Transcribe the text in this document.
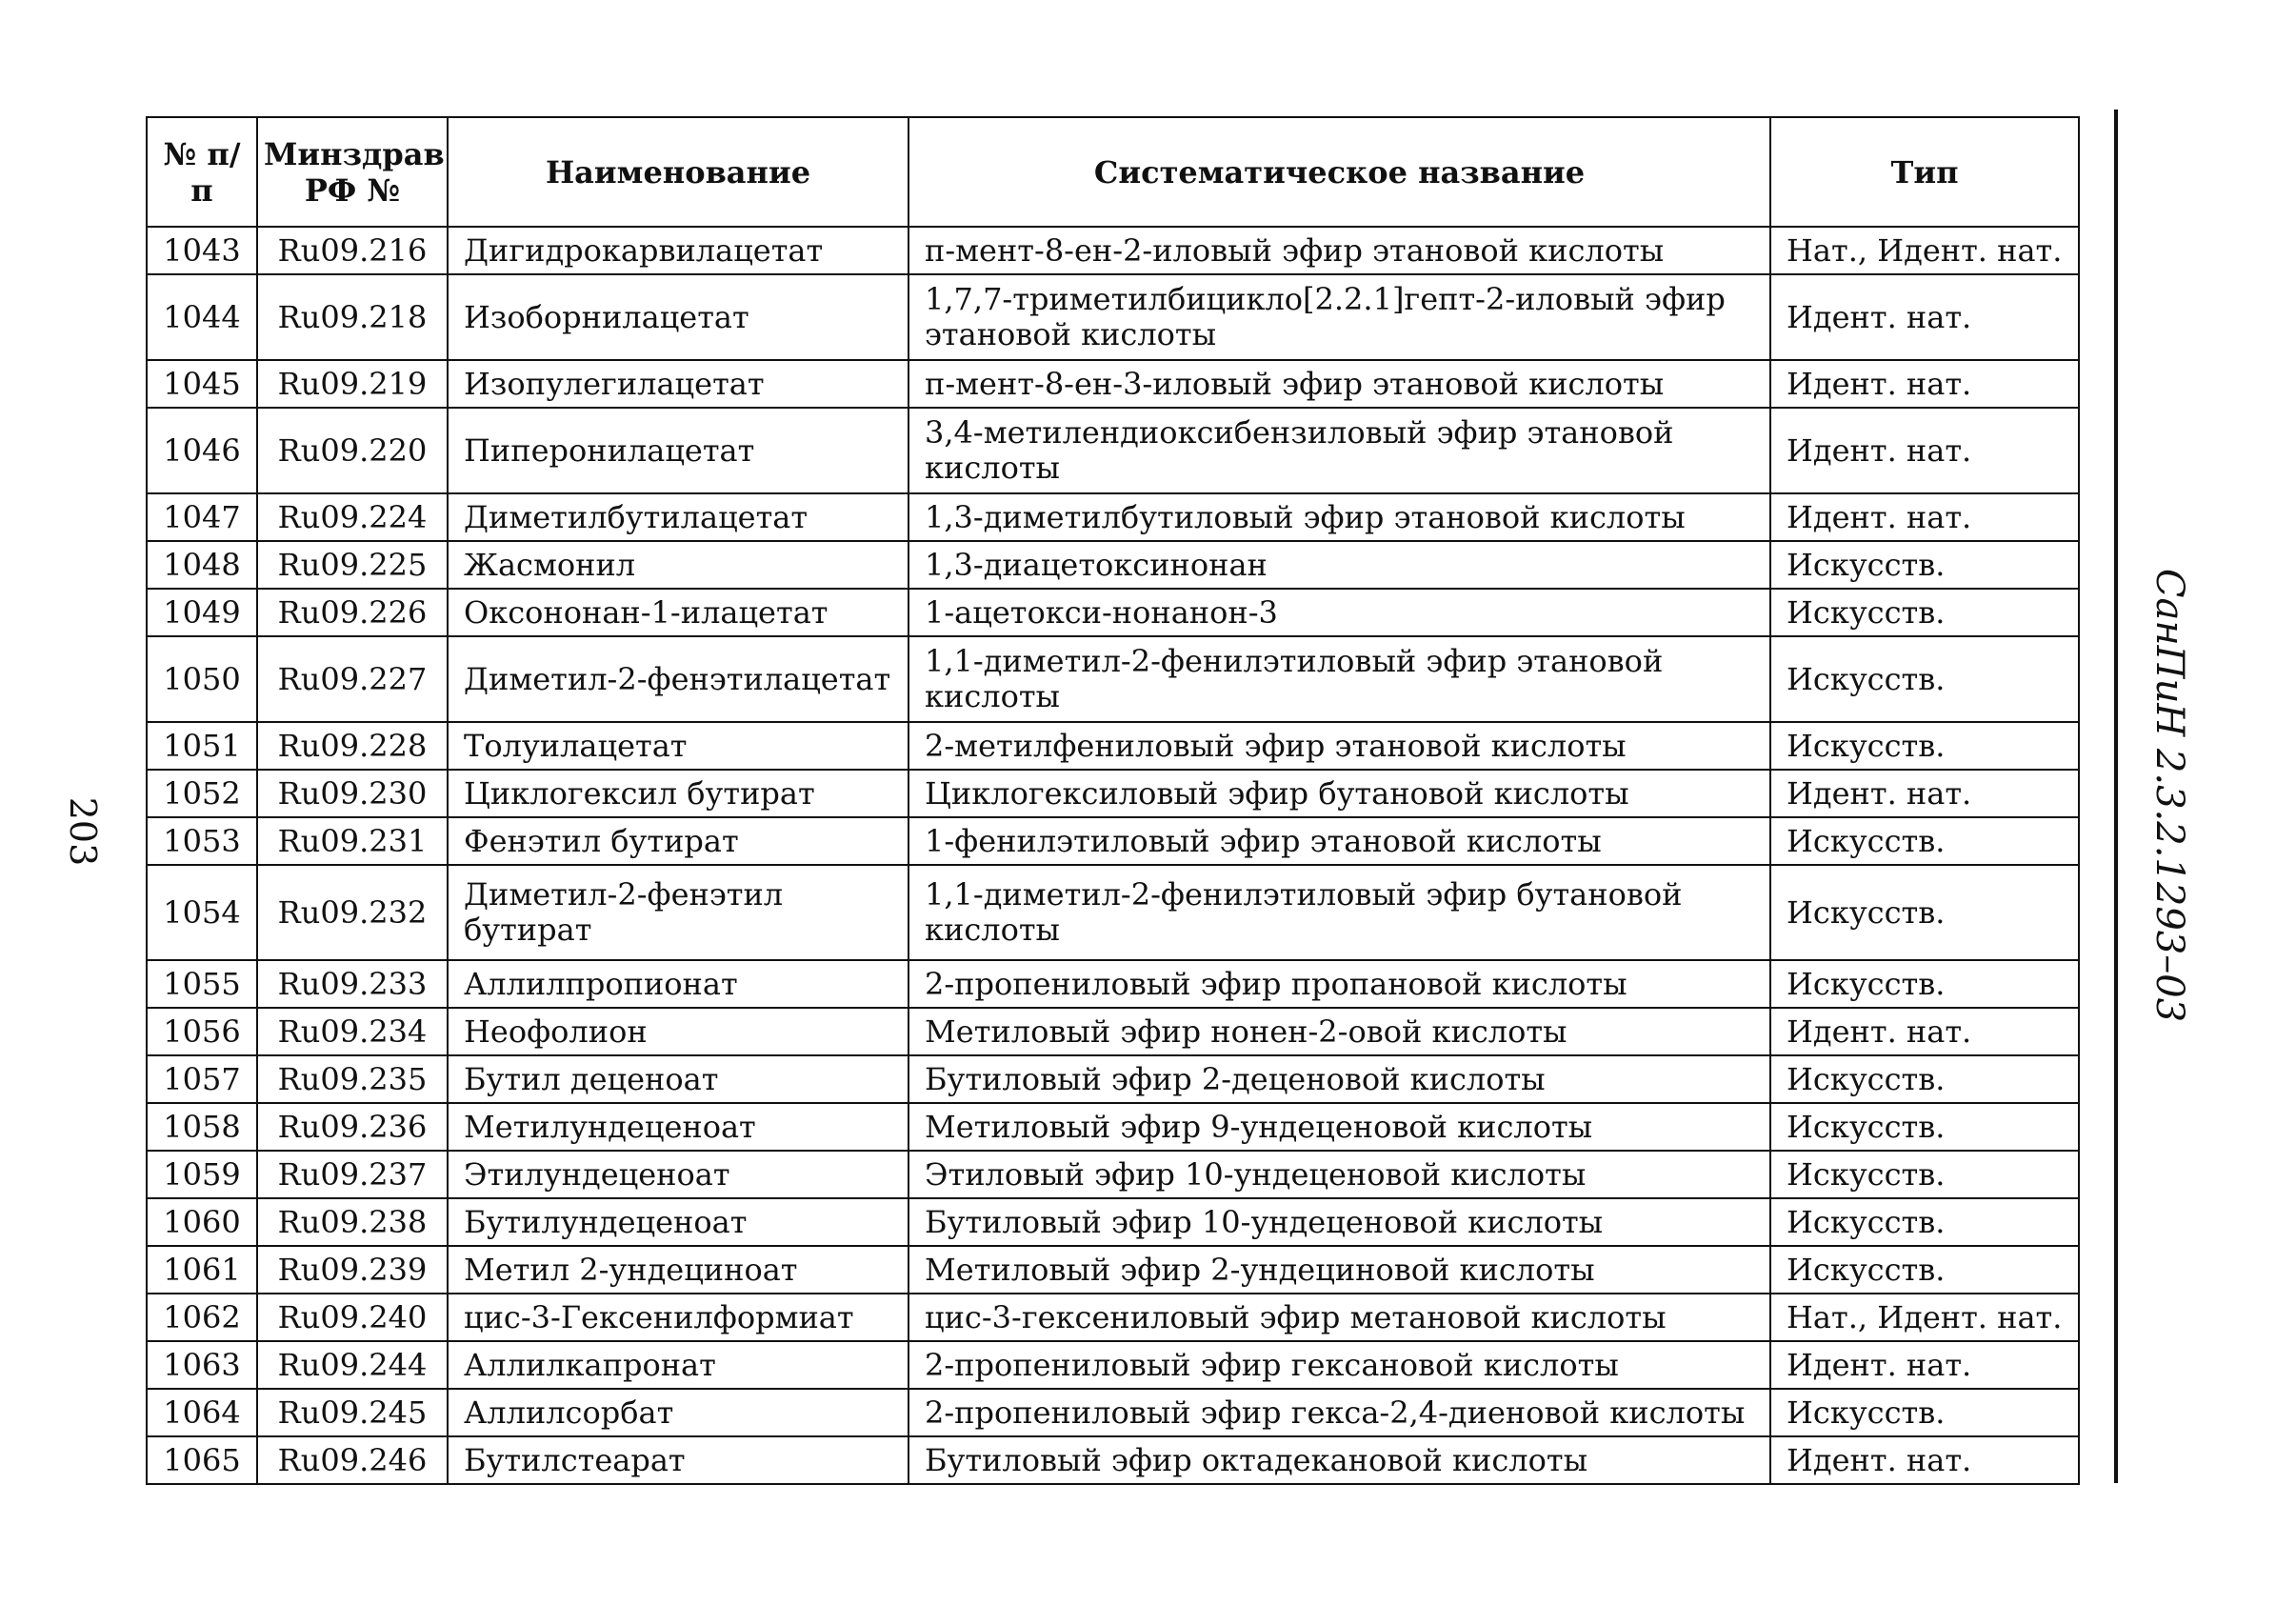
203	СанПиН 2.3.2.1293–03
№ п/п	Минздрав РФ №	Наименование	Систематическое название	Тип
1043	Ru09.216	Дигидрокарвилацетат	п-мент-8-ен-2-иловый эфир этановой кислоты	Нат., Идент. нат.
1044	Ru09.218	Изоборнилацетат	1,7,7-триметилбицикло[2.2.1]гепт-2-иловый эфир этановой кислоты	Идент. нат.
1045	Ru09.219	Изопулегилацетат	п-мент-8-ен-3-иловый эфир этановой кислоты	Идент. нат.
1046	Ru09.220	Пиперонилацетат	3,4-метилендиоксибензиловый эфир этановой кислоты	Идент. нат.
1047	Ru09.224	Диметилбутилацетат	1,3-диметилбутиловый эфир этановой кислоты	Идент. нат.
1048	Ru09.225	Жасмонил	1,3-диацетоксинонан	Искусств.
1049	Ru09.226	Оксононан-1-илацетат	1-ацетокси-нонанон-3	Искусств.
1050	Ru09.227	Диметил-2-фенэтилацетат	1,1-диметил-2-фенилэтиловый эфир этановой кислоты	Искусств.
1051	Ru09.228	Толуилацетат	2-метилфениловый эфир этановой кислоты	Искусств.
1052	Ru09.230	Циклогексил бутират	Циклогексиловый эфир бутановой кислоты	Идент. нат.
1053	Ru09.231	Фенэтил бутират	1-фенилэтиловый эфир этановой кислоты	Искусств.
1054	Ru09.232	Диметил-2-фенэтил бутират	1,1-диметил-2-фенилэтиловый эфир бутановой кислоты	Искусств.
1055	Ru09.233	Аллилпропионат	2-пропениловый эфир пропановой кислоты	Искусств.
1056	Ru09.234	Неофолион	Метиловый эфир нонен-2-овой кислоты	Идент. нат.
1057	Ru09.235	Бутил деценоат	Бутиловый эфир 2-деценовой кислоты	Искусств.
1058	Ru09.236	Метилундеценоат	Метиловый эфир 9-ундеценовой кислоты	Искусств.
1059	Ru09.237	Этилундеценоат	Этиловый эфир 10-ундеценовой кислоты	Искусств.
1060	Ru09.238	Бутилундеценоат	Бутиловый эфир 10-ундеценовой кислоты	Искусств.
1061	Ru09.239	Метил 2-ундециноат	Метиловый эфир 2-ундециновой кислоты	Искусств.
1062	Ru09.240	цис-3-Гексенилформиат	цис-3-гексениловый эфир метановой кислоты	Нат., Идент. нат.
1063	Ru09.244	Аллилкапронат	2-пропениловый эфир гексановой кислоты	Идент. нат.
1064	Ru09.245	Аллилсорбат	2-пропениловый эфир гекса-2,4-диеновой кислоты	Искусств.
1065	Ru09.246	Бутилстеарат	Бутиловый эфир октадекановой кислоты	Идент. нат.
